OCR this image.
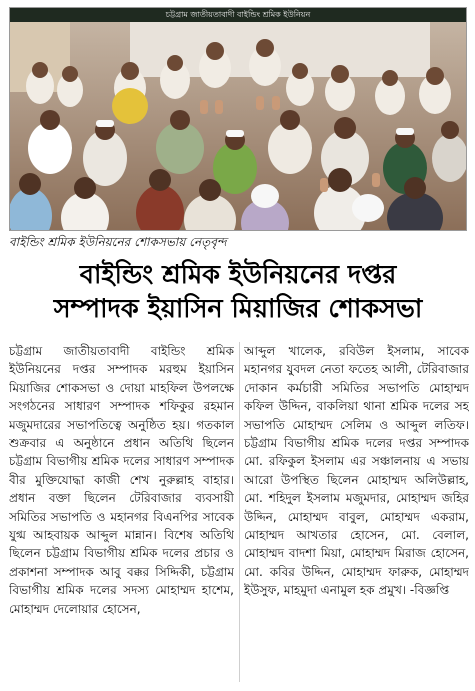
চট্টগ্রাম জাতীয়তাবাদী বাইন্ডিং শ্রমিক ইউনিয়ন
বাইন্ডিং শ্রমিক ইউনিয়নের শোকসভায় নেতৃবৃন্দ
বাইন্ডিং শ্রমিক ইউনিয়নের দপ্তর
সম্পাদক ইয়াসিন মিয়াজির শোকসভা
চট্টগ্রাম জাতীয়তাবাদী বাইন্ডিং শ্রমিক ইউনিয়নের দপ্তর সম্পাদক মরহুম ইয়াসিন মিয়াজির শোকসভা ও দোয়া মাহফিল উপলক্ষে সংগঠনের সাধারণ সম্পাদক শফিকুর রহমান মজুমদারের সভাপতিত্বে অনুষ্ঠিত হয়। গতকাল শুক্রবার এ অনুষ্ঠানে প্রধান অতিথি ছিলেন চট্টগ্রাম বিভাগীয় শ্রমিক দলের সাধারণ সম্পাদক বীর মুক্তিযোদ্ধা কাজী শেখ নুরুল্লাহ বাহার। প্রধান বক্তা ছিলেন টেরিবাজার ব্যবসায়ী সমিতির সভাপতি ও মহানগর বিএনপির সাবেক যুগ্ম আহবায়ক আব্দুল মান্নান। বিশেষ অতিথি ছিলেন চট্টগ্রাম বিভাগীয় শ্রমিক দলের প্রচার ও প্রকাশনা সম্পাদক আবু বক্কর সিদ্দিকী, চট্টগ্রাম বিভাগীয় শ্রমিক দলের সদস্য মোহাম্মদ হাশেম, মোহাম্মদ দেলোয়ার হোসেন,
আব্দুল খালেক, রবিউল ইসলাম, সাবেক মহানগর যুবদল নেতা ফতেহ আলী, টেরিবাজার দোকান কর্মচারী সমিতির সভাপতি মোহাম্মদ কফিল উদ্দিন, বাকলিয়া থানা শ্রমিক দলের সহ সভাপতি মোহাম্মদ সেলিম ও আব্দুল লতিফ। চট্টগ্রাম বিভাগীয় শ্রমিক দলের দপ্তর সম্পাদক মো. রফিকুল ইসলাম এর সঞ্চালনায় এ সভায় আরো উপস্থিত ছিলেন মোহাম্মদ অলিউল্লাহ, মো. শহিদুল ইসলাম মজুমদার, মোহাম্মদ জহির উদ্দিন, মোহাম্মদ বাবুল, মোহাম্মদ একরাম, মোহাম্মদ আখতার হোসেন, মো. বেলাল, মোহাম্মদ বাদশা মিয়া, মোহাম্মদ মিরাজ হোসেন, মো. কবির উদ্দিন, মোহাম্মদ ফারুক, মোহাম্মদ ইউসুফ, মাহমুদা এনামুল হক প্রমুখ। -বিজ্ঞপ্তি
